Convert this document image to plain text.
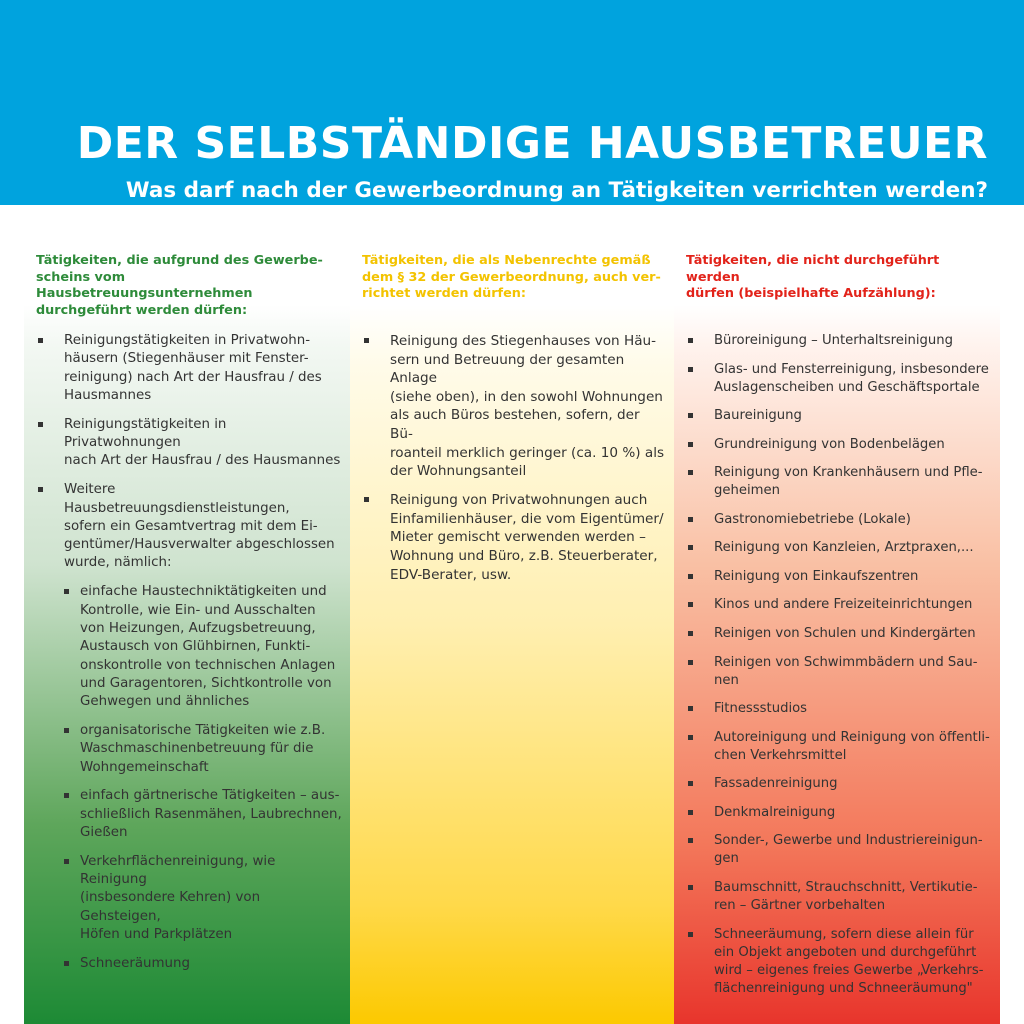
DER SELBSTÄNDIGE HAUSBETREUER
Was darf nach der Gewerbeordnung an Tätigkeiten verrichten werden?

Tätigkeiten, die aufgrund des Gewerbe-
scheins vom Hausbetreuungsunternehmen
durchgeführt werden dürfen:

Reinigungstätigkeiten in Privatwohn-
häusern (Stiegenhäuser mit Fenster-
reinigung) nach Art der Hausfrau / des
Hausmannes
Reinigungstätigkeiten in Privatwohnungen
nach Art der Hausfrau / des Hausmannes
Weitere Hausbetreuungsdienstleistungen,
sofern ein Gesamtvertrag mit dem Ei-
gentümer/Hausverwalter abgeschlossen
wurde, nämlich:
einfache Haustechniktätigkeiten und
Kontrolle, wie Ein- und Ausschalten
von Heizungen, Aufzugsbetreuung,
Austausch von Glühbirnen, Funkti-
onskontrolle von technischen Anlagen
und Garagentoren, Sichtkontrolle von
Gehwegen und ähnliches
organisatorische Tätigkeiten wie z.B.
Waschmaschinenbetreuung für die
Wohngemeinschaft
einfach gärtnerische Tätigkeiten – aus-
schließlich Rasenmähen, Laubrechnen,
Gießen
Verkehrflächenreinigung, wie Reinigung
(insbesondere Kehren) von Gehsteigen,
Höfen und Parkplätzen
Schneeräumung

Tätigkeiten, die als Nebenrechte gemäß
dem § 32 der Gewerbeordnung, auch ver-
richtet werden dürfen:

Reinigung des Stiegenhauses von Häu-
sern und Betreuung der gesamten Anlage
(siehe oben), in den sowohl Wohnungen
als auch Büros bestehen, sofern, der Bü-
roanteil merklich geringer (ca. 10 %) als
der Wohnungsanteil
Reinigung von Privatwohnungen auch
Einfamilienhäuser, die vom Eigentümer/
Mieter gemischt verwenden werden –
Wohnung und Büro, z.B. Steuerberater,
EDV-Berater, usw.

Tätigkeiten, die nicht durchgeführt werden
dürfen (beispielhafte Aufzählung):

Büroreinigung – Unterhaltsreinigung
Glas- und Fensterreinigung, insbesondere
Auslagenscheiben und Geschäftsportale
Baureinigung
Grundreinigung von Bodenbelägen
Reinigung von Krankenhäusern und Pfle-
geheimen
Gastronomiebetriebe (Lokale)
Reinigung von Kanzleien, Arztpraxen,...
Reinigung von Einkaufszentren
Kinos und andere Freizeiteinrichtungen
Reinigen von Schulen und Kindergärten
Reinigen von Schwimmbädern und Sau-
nen
Fitnessstudios
Autoreinigung und Reinigung von öffentli-
chen Verkehrsmittel
Fassadenreinigung
Denkmalreinigung
Sonder-, Gewerbe und Industriereinigun-
gen
Baumschnitt, Strauchschnitt, Vertikutie-
ren – Gärtner vorbehalten
Schneeräumung, sofern diese allein für
ein Objekt angeboten und durchgeführt
wird – eigenes freies Gewerbe „Verkehrs-
flächenreinigung und Schneeräumung"
